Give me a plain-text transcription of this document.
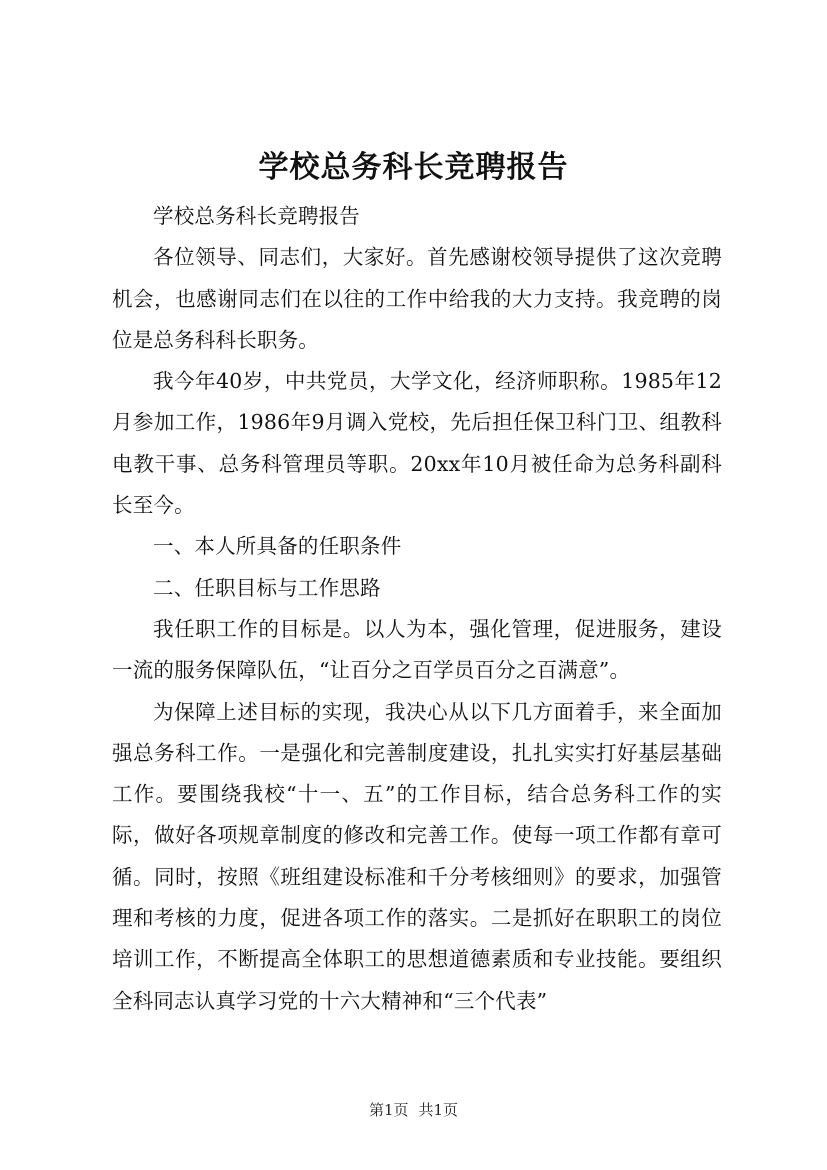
学校总务科长竞聘报告

学校总务科长竞聘报告

各位领导、同志们，大家好。首先感谢校领导提供了这次竞聘机会，也感谢同志们在以往的工作中给我的大力支持。我竞聘的岗位是总务科科长职务。

我今年40岁，中共党员，大学文化，经济师职称。1985年12月参加工作，1986年9月调入党校，先后担任保卫科门卫、组教科电教干事、总务科管理员等职。20xx年10月被任命为总务科副科长至今。

一、本人所具备的任职条件

二、任职目标与工作思路

我任职工作的目标是。以人为本，强化管理，促进服务，建设一流的服务保障队伍，“让百分之百学员百分之百满意”。

为保障上述目标的实现，我决心从以下几方面着手，来全面加强总务科工作。一是强化和完善制度建设，扎扎实实打好基层基础工作。要围绕我校“十一、五”的工作目标，结合总务科工作的实际，做好各项规章制度的修改和完善工作。使每一项工作都有章可循。同时，按照《班组建设标准和千分考核细则》的要求，加强管理和考核的力度，促进各项工作的落实。二是抓好在职职工的岗位培训工作，不断提高全体职工的思想道德素质和专业技能。要组织全科同志认真学习党的十六大精神和“三个代表”

第1页 共1页
